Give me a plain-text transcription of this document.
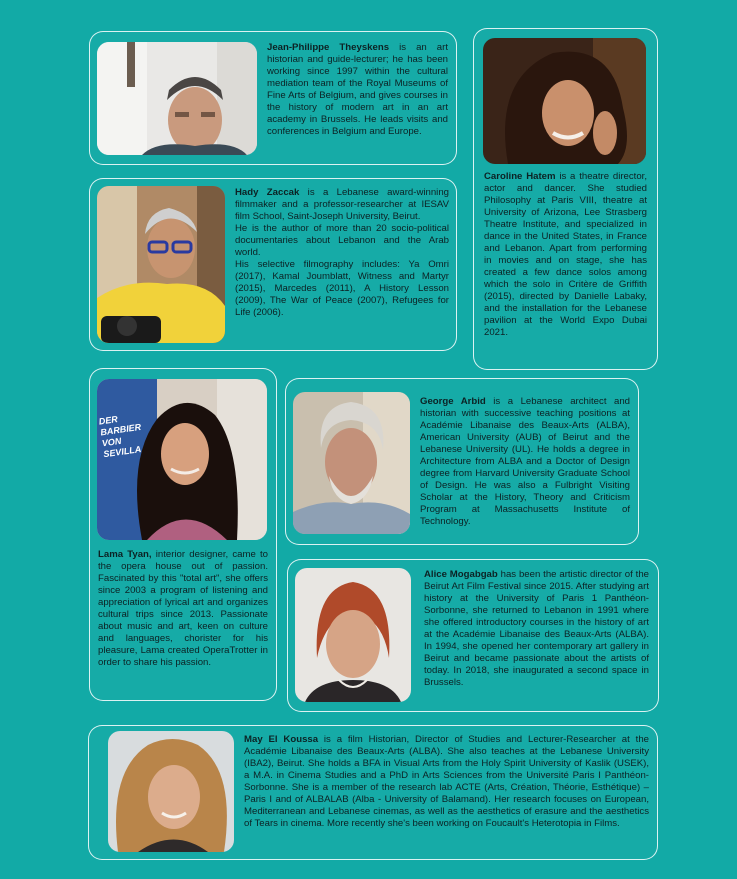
Jean-Philippe Theyskens is an art historian and guide-lecturer; he has been working since 1997 within the cultural mediation team of the Royal Museums of Fine Arts of Belgium, and gives courses in the history of modern art in an art academy in Brussels. He leads visits and conferences in Belgium and Europe.
Caroline Hatem is a theatre director, actor and dancer. She studied Philosophy at Paris VIII, theatre at University of Arizona, Lee Strasberg Theatre Institute, and specialized in dance in the United States, in France and Lebanon. Apart from performing in movies and on stage, she has created a few dance solos among which the solo in Critère de Griffith (2015), directed by Danielle Labaky, and the installation for the Lebanese pavilion at the World Expo Dubai 2021.

Hady Zaccak is a Lebanese award-winning filmmaker and a professor-researcher at IESAV film School, Saint-Joseph University, Beirut.

He is the author of more than 20 socio-political documentaries about Lebanon and the Arab world.

His selective filmography includes: Ya Omri (2017), Kamal Joumblatt, Witness and Martyr (2015), Marcedes (2011), A History Lesson (2009), The War of Peace (2007), Refugees for Life (2006).

DER BARBIER VON SEVILLA
Lama Tyan, interior designer, came to the opera house out of passion. Fascinated by this "total art", she offers since 2003 a program of listening and appreciation of lyrical art and organizes cultural trips since 2013. Passionate about music and art, keen on culture and languages, chorister for his pleasure, Lama created OperaTrotter in order to share his passion.
George Arbid is a Lebanese architect and historian with successive teaching positions at Académie Libanaise des Beaux-Arts (ALBA), American University (AUB) of Beirut and the Lebanese University (UL). He holds a degree in Architecture from ALBA and a Doctor of Design degree from Harvard University Graduate School of Design. He was also a Fulbright Visiting Scholar at the History, Theory and Criticism Program at Massachusetts Institute of Technology.
Alice Mogabgab has been the artistic director of the Beirut Art Film Festival since 2015. After studying art history at the University of Paris 1 Panthéon-Sorbonne, she returned to Lebanon in 1991 where she offered introductory courses in the history of art at the Académie Libanaise des Beaux-Arts (ALBA). In 1994, she opened her contemporary art gallery in Beirut and became passionate about the artists of today. In 2018, she inaugurated a second space in Brussels.
May El Koussa is a film Historian, Director of Studies and Lecturer-Researcher at the Académie Libanaise des Beaux-Arts (ALBA). She also teaches at the Lebanese University (IBA2), Beirut. She holds a BFA in Visual Arts from the Holy Spirit University of Kaslik (USEK), a M.A. in Cinema Studies and a PhD in Arts Sciences from the Université Paris I Panthéon-Sorbonne. She is a member of the research lab ACTE (Arts, Création, Théorie, Esthétique) – Paris I and of ALBALAB (Alba - University of Balamand). Her research focuses on European, Mediterranean and Lebanese cinemas, as well as the aesthetics of erasure and the aesthetics of Tears in cinema. More recently she's been working on Foucault's Heterotopia in Films.
